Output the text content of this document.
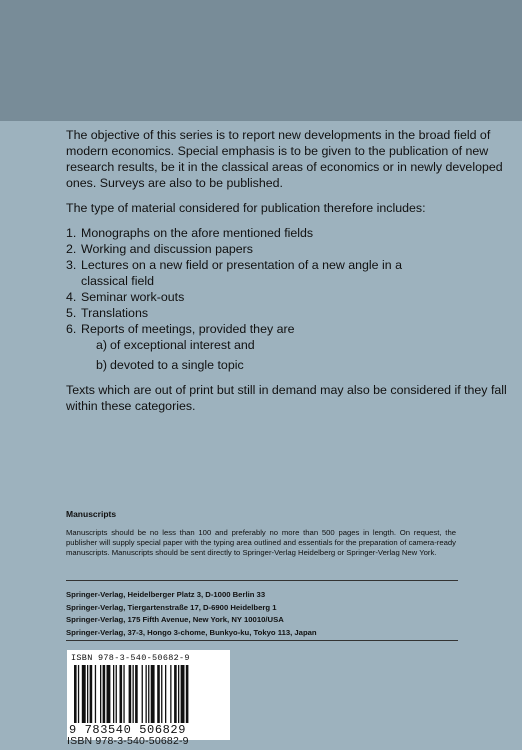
The objective of this series is to report new developments in the broad field of modern economics. Special emphasis is to be given to the publication of new research results, be it in the classical areas of economics or in newly developed ones. Surveys are also to be published.

The type of material considered for publication therefore includes:

1. Monographs on the afore mentioned fields
2. Working and discussion papers
3. Lectures on a new field or presentation of a new angle in a classical field
4. Seminar work-outs
5. Translations
6. Reports of meetings, provided they are
a) of exceptional interest and
b) devoted to a single topic

Texts which are out of print but still in demand may also be considered if they fall within these categories.

Manuscripts
Manuscripts should be no less than 100 and preferably no more than 500 pages in length. On request, the publisher will supply special paper with the typing area outlined and essentials for the preparation of camera-ready manuscripts. Manuscripts should be sent directly to Springer-Verlag Heidelberg or Springer-Verlag New York.
Springer-Verlag, Heidelberger Platz 3, D-1000 Berlin 33
Springer-Verlag, Tiergartenstraße 17, D-6900 Heidelberg 1
Springer-Verlag, 175 Fifth Avenue, New York, NY 10010/USA
Springer-Verlag, 37-3, Hongo 3-chome, Bunkyo-ku, Tokyo 113, Japan
ISBN 978-3-540-50682-9
9 783540 506829
ISBN 978-3-540-50682-9
